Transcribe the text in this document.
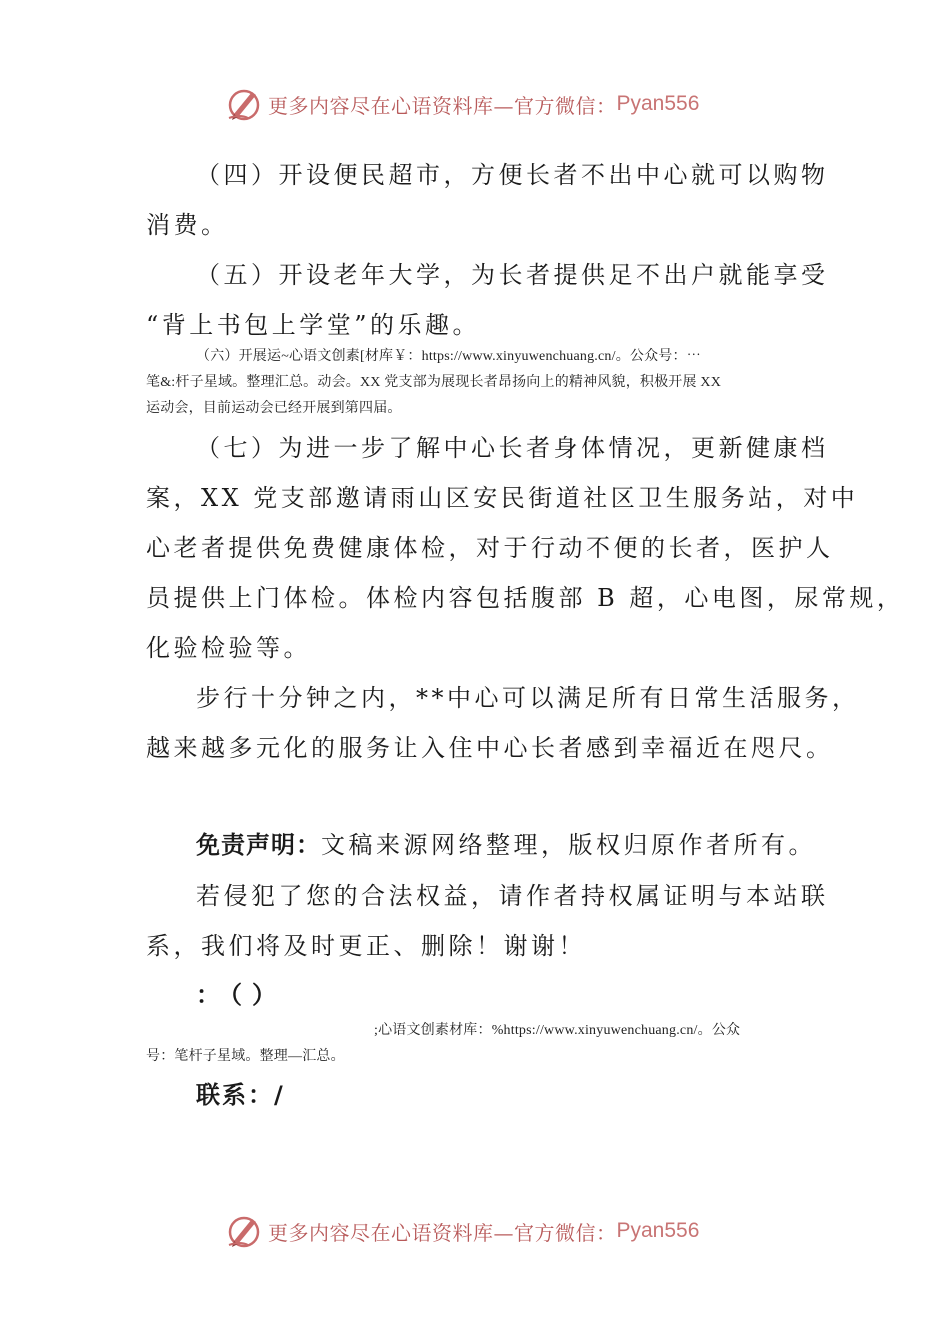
更多内容尽在心语资料库—官方微信： Pyan556
（四）开设便民超市，方便长者不出中心就可以购物
消费。
（五）开设老年大学，为长者提供足不出户就能享受
“背上书包上学堂”的乐趣。
（六）开展运~心语文创素[材库￥：https://www.xinyuwenchuang.cn/。公众号：⋯
笔&:杆子星域。整理汇总。动会。XX 党支部为展现长者昂扬向上的精神风貌，积极开展 XX
运动会，目前运动会已经开展到第四届。
（七）为进一步了解中心长者身体情况，更新健康档
案，XX 党支部邀请雨山区安民街道社区卫生服务站，对中
心老者提供免费健康体检，对于行动不便的长者，医护人
员提供上门体检。体检内容包括腹部 B 超，心电图，尿常规，
化验检验等。
步行十分钟之内，**中心可以满足所有日常生活服务，
越来越多元化的服务让入住中心长者感到幸福近在咫尺。
免责声明：文稿来源网络整理，版权归原作者所有。
若侵犯了您的合法权益，请作者持权属证明与本站联
系，我们将及时更正、删除！谢谢！
：（）
;心语文创素材库：%https://www.xinyuwenchuang.cn/。公众
号：笔杆子星域。整理—汇总。
联系：/
更多内容尽在心语资料库—官方微信： Pyan556
